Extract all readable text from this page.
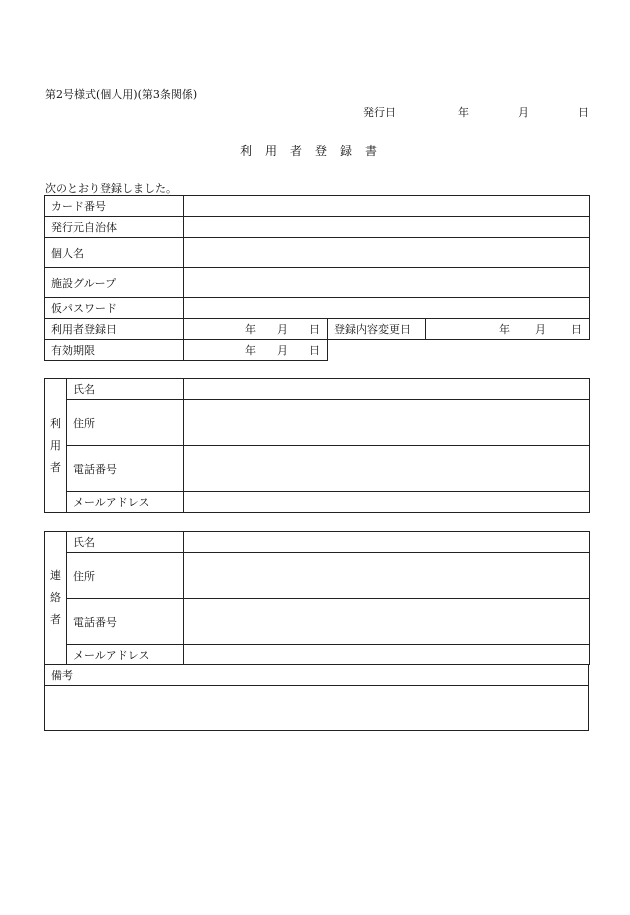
第2号様式(個人用)(第3条関係)
発行日	年	月	日
利用者登録書
次のとおり登録しました。
カード番号			
発行元自治体			
個人名			
施設グループ			
仮パスワード			
利用者登録日	年 月 日	登録内容変更日	年 月 日

有効期限	年 月 日		

利
用
者	氏名	
	住所	
	電話番号	
	メールアドレス	
連
絡
者	氏名	
	住所	
	電話番号	
	メールアドレス	
備考
